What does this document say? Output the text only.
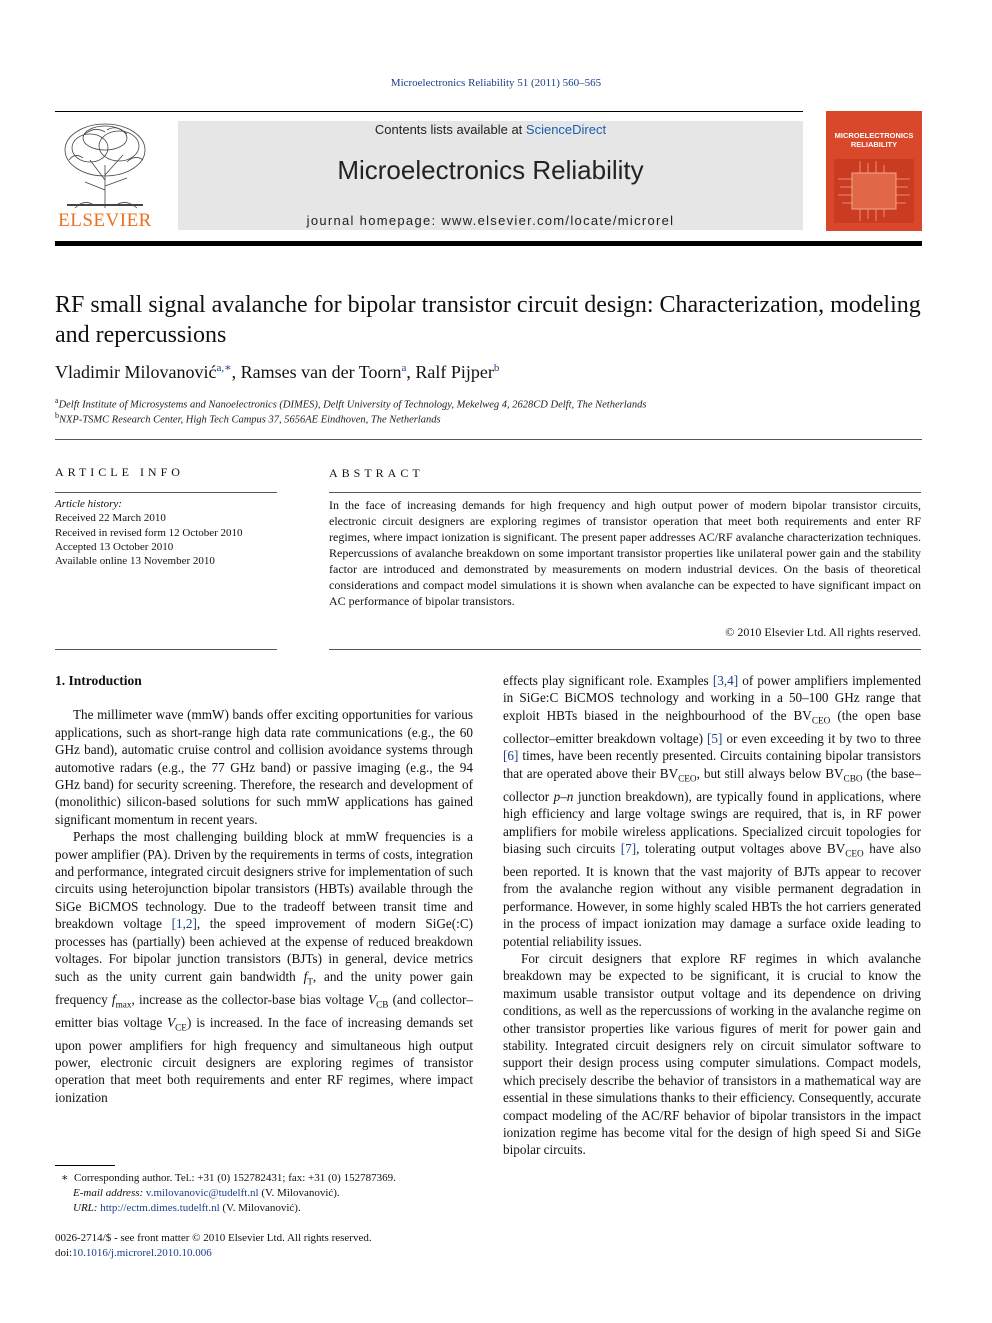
Microelectronics Reliability 51 (2011) 560–565
ELSEVIER
Contents lists available at ScienceDirect
Microelectronics Reliability
journal homepage: www.elsevier.com/locate/microrel
MICROELECTRONICS
RELIABILITY
RF small signal avalanche for bipolar transistor circuit design: Characterization, modeling and repercussions
Vladimir Milovanović$^{a,∗}$, Ramses van der Toorn$^a$, Ralf Pijper$^b$
$^a$Delft Institute of Microsystems and Nanoelectronics (DIMES), Delft University of Technology, Mekelweg 4, 2628CD Delft, The Netherlands
$^b$NXP-TSMC Research Center, High Tech Campus 37, 5656AE Eindhoven, The Netherlands
ARTICLE INFO
Article history:
Received 22 March 2010
Received in revised form 12 October 2010
Accepted 13 October 2010
Available online 13 November 2010
ABSTRACT
In the face of increasing demands for high frequency and high output power of modern bipolar transistor circuits, electronic circuit designers are exploring regimes of transistor operation that meet both requirements and enter RF regimes, where impact ionization is significant. The present paper addresses AC/RF avalanche characterization techniques. Repercussions of avalanche breakdown on some important transistor properties like unilateral power gain and the stability factor are introduced and demonstrated by measurements on modern industrial devices. On the basis of theoretical considerations and compact model simulations it is shown when avalanche can be expected to have significant impact on AC performance of bipolar transistors.
© 2010 Elsevier Ltd. All rights reserved.
1. Introduction

The millimeter wave (mmW) bands offer exciting opportunities for various applications, such as short-range high data rate communications (e.g., the 60 GHz band), automatic cruise control and collision avoidance systems through automotive radars (e.g., the 77 GHz band) or passive imaging (e.g., the 94 GHz band) for security screening. Therefore, the research and development of (monolithic) silicon-based solutions for such mmW applications has gained significant momentum in recent years.

Perhaps the most challenging building block at mmW frequencies is a power amplifier (PA). Driven by the requirements in terms of costs, integration and performance, integrated circuit designers strive for implementation of such circuits using heterojunction bipolar transistors (HBTs) available through the SiGe BiCMOS technology. Due to the tradeoff between transit time and breakdown voltage [1,2], the speed improvement of modern SiGe(:C) processes has (partially) been achieved at the expense of reduced breakdown voltages. For bipolar junction transistors (BJTs) in general, device metrics such as the unity current gain bandwidth $f_T$, and the unity power gain frequency $f_{max}$, increase as the collector-base bias voltage $V_{CB}$ (and collector–emitter bias voltage $V_{CE}$) is increased. In the face of increasing demands set upon power amplifiers for high frequency and simultaneous high output power, electronic circuit designers are exploring regimes of transistor operation that meet both requirements and enter RF regimes, where impact ionization

effects play significant role. Examples [3,4] of power amplifiers implemented in SiGe:C BiCMOS technology and working in a 50–100 GHz range that exploit HBTs biased in the neighbourhood of the $BV_{CEO}$ (the open base collector–emitter breakdown voltage) [5] or even exceeding it by two to three [6] times, have been recently presented. Circuits containing bipolar transistors that are operated above their $BV_{CEO}$, but still always below $BV_{CBO}$ (the base–collector p–n junction breakdown), are typically found in applications, where high efficiency and large voltage swings are required, that is, in RF power amplifiers for mobile wireless applications. Specialized circuit topologies for biasing such circuits [7], tolerating output voltages above $BV_{CEO}$ have also been reported. It is known that the vast majority of BJTs appear to recover from the avalanche region without any visible permanent degradation in performance. However, in some highly scaled HBTs the hot carriers generated in the process of impact ionization may damage a surface oxide leading to potential reliability issues.

For circuit designers that explore RF regimes in which avalanche breakdown may be expected to be significant, it is crucial to know the maximum usable transistor output voltage and its dependence on driving conditions, as well as the repercussions of working in the avalanche regime on other transistor properties like various figures of merit for power gain and stability. Integrated circuit designers rely on circuit simulator software to support their design process using computer simulations. Compact models, which precisely describe the behavior of transistors in a mathematical way are essential in these simulations thanks to their efficiency. Consequently, accurate compact modeling of the AC/RF behavior of bipolar transistors in the impact ionization regime has become vital for the design of high speed Si and SiGe bipolar circuits.

∗ Corresponding author. Tel.: +31 (0) 152782431; fax: +31 (0) 152787369.
E-mail address: v.milovanovic@tudelft.nl (V. Milovanović).
URL: http://ectm.dimes.tudelft.nl (V. Milovanović).
0026-2714/$ - see front matter © 2010 Elsevier Ltd. All rights reserved.
doi:10.1016/j.microrel.2010.10.006
